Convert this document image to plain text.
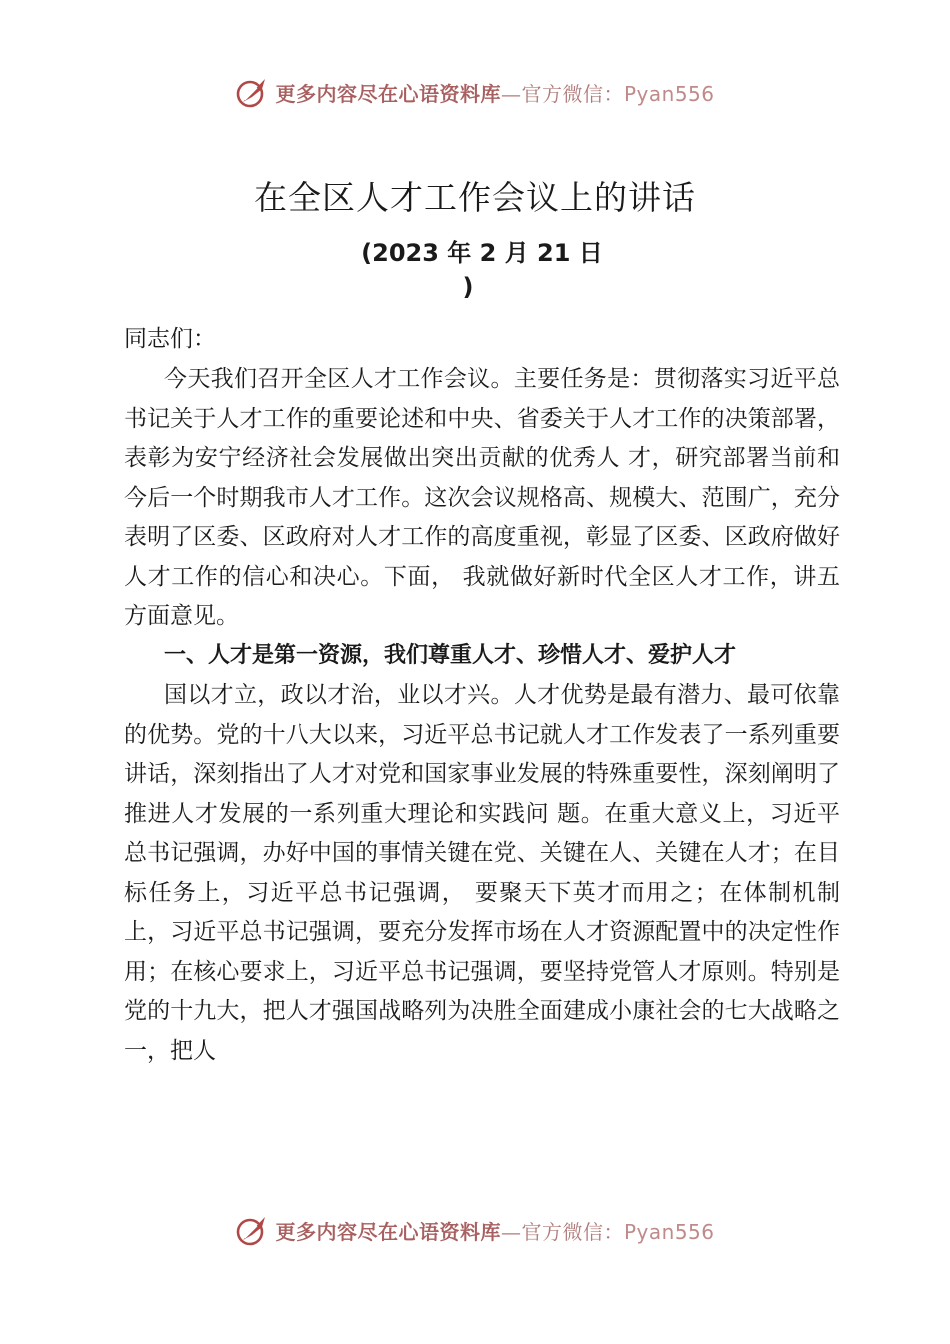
更多内容尽在心语资料库—官方微信：Pyan556
在全区人才工作会议上的讲话
(2023 年 2 月 21 日
)
同志们：
今天我们召开全区人才工作会议。主要任务是：贯彻落实习近平总书记关于人才工作的重要论述和中央、省委关于人才工作的决策部署，表彰为安宁经济社会发展做出突出贡献的优秀人 才，研究部署当前和今后一个时期我市人才工作。这次会议规格高、规模大、范围广，充分表明了区委、区政府对人才工作的高度重视，彰显了区委、区政府做好人才工作的信心和决心。下面， 我就做好新时代全区人才工作，讲五方面意见。
一、人才是第一资源，我们尊重人才、珍惜人才、爱护人才
国以才立，政以才治，业以才兴。人才优势是最有潜力、最可依靠的优势。党的十八大以来，习近平总书记就人才工作发表了一系列重要讲话，深刻指出了人才对党和国家事业发展的特殊重要性，深刻阐明了推进人才发展的一系列重大理论和实践问 题。在重大意义上，习近平总书记强调，办好中国的事情关键在党、关键在人、关键在人才；在目标任务上，习近平总书记强调， 要聚天下英才而用之；在体制机制上，习近平总书记强调，要充分发挥市场在人才资源配置中的决定性作用；在核心要求上，习近平总书记强调，要坚持党管人才原则。特别是党的十九大，把人才强国战略列为决胜全面建成小康社会的七大战略之一，把人
更多内容尽在心语资料库—官方微信：Pyan556
